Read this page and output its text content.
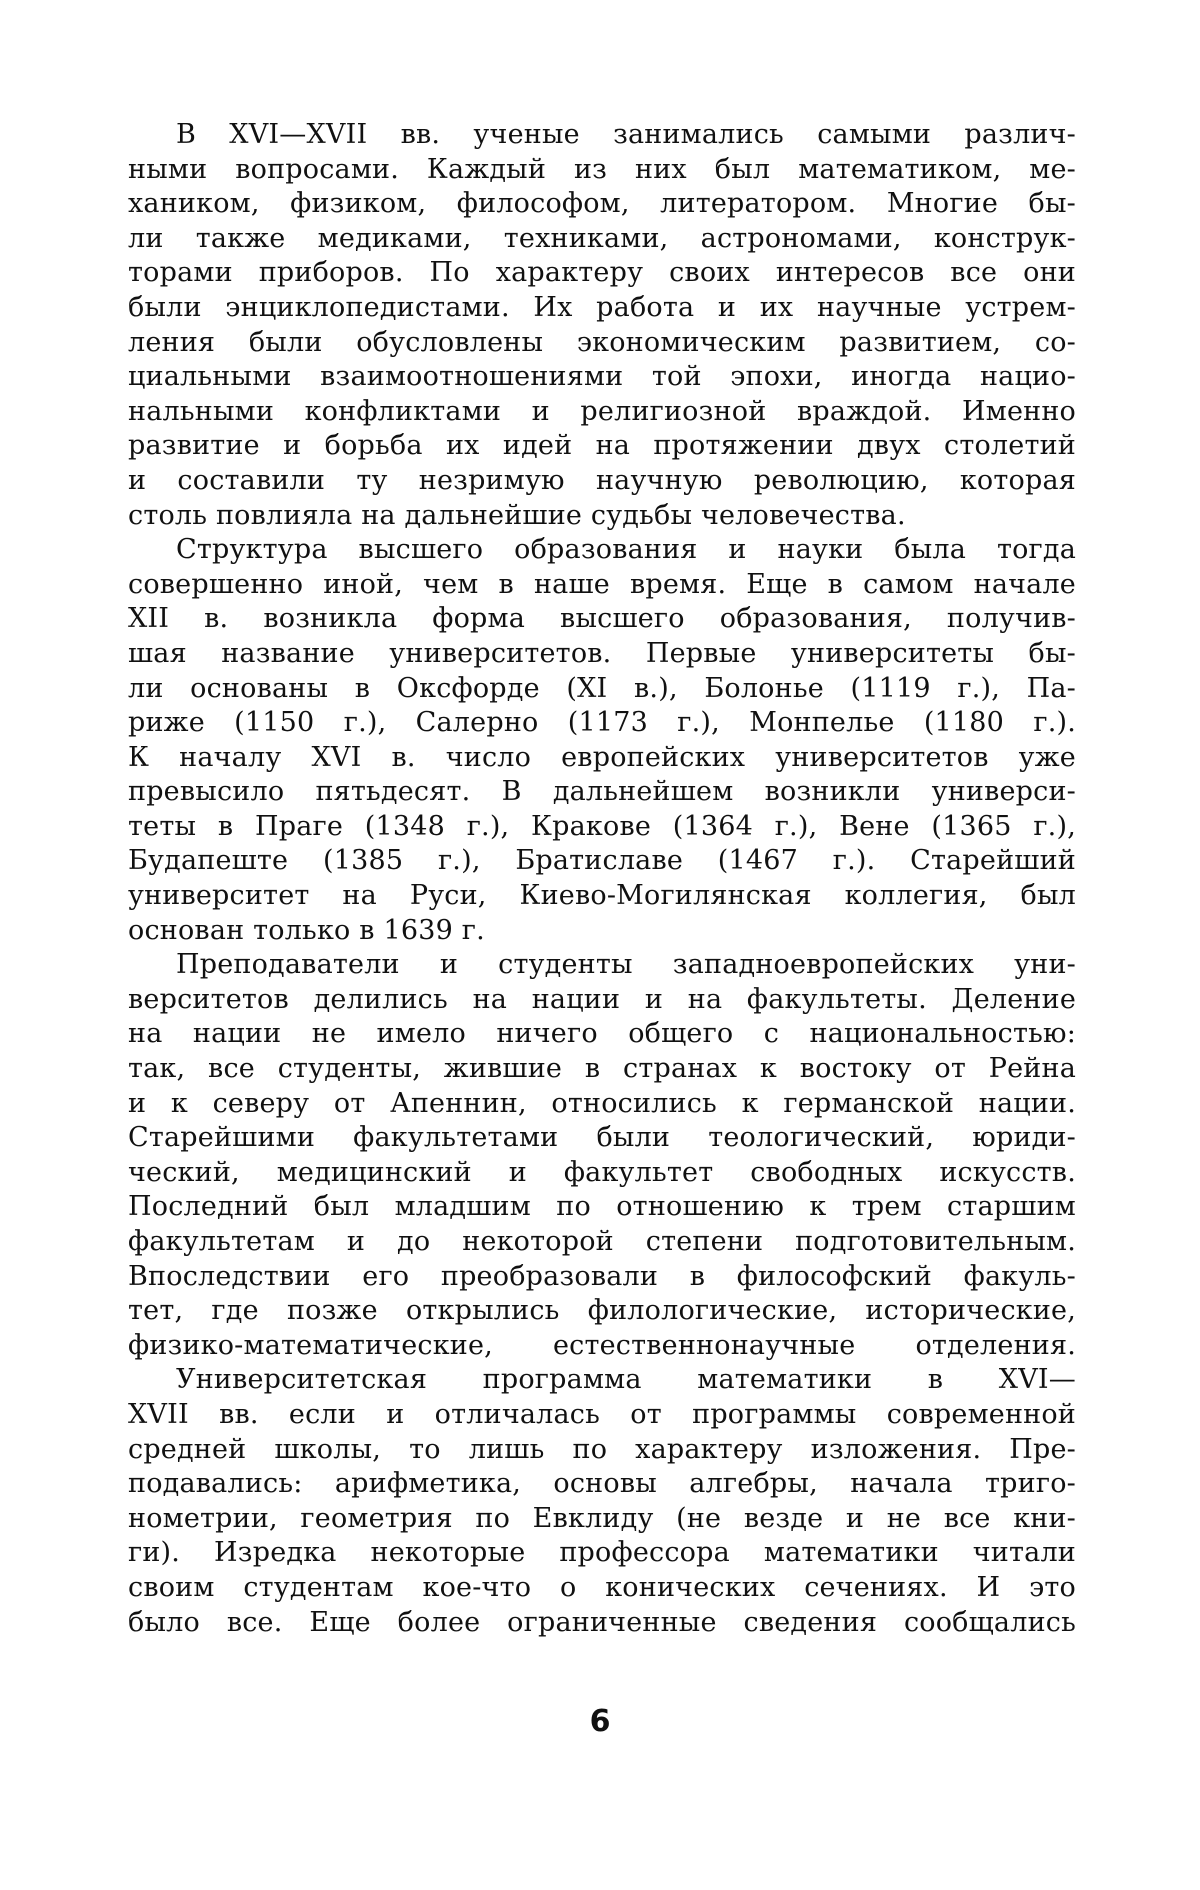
В XVI—XVII вв. ученые занимались самыми различ-
ными вопросами. Каждый из них был математиком, ме-
хаником, физиком, философом, литератором. Многие бы-
ли также медиками, техниками, астрономами, конструк-
торами приборов. По характеру своих интересов все они
были энциклопедистами. Их работа и их научные устрем-
ления были обусловлены экономическим развитием, со-
циальными взаимоотношениями той эпохи, иногда нацио-
нальными конфликтами и религиозной враждой. Именно
развитие и борьба их идей на протяжении двух столетий
и составили ту незримую научную революцию, которая
столь повлияла на дальнейшие судьбы человечества.
Структура высшего образования и науки была тогда
совершенно иной, чем в наше время. Еще в самом начале
XII в. возникла форма высшего образования, получив-
шая название университетов. Первые университеты бы-
ли основаны в Оксфорде (XI в.), Болонье (1119 г.), Па-
риже (1150 г.), Салерно (1173 г.), Монпелье (1180 г.).
К началу XVI в. число европейских университетов уже
превысило пятьдесят. В дальнейшем возникли универси-
теты в Праге (1348 г.), Кракове (1364 г.), Вене (1365 г.),
Будапеште (1385 г.), Братиславе (1467 г.). Старейший
университет на Руси, Киево-Могилянская коллегия, был
основан только в 1639 г.
Преподаватели и студенты западноевропейских уни-
верситетов делились на нации и на факультеты. Деление
на нации не имело ничего общего с национальностью:
так, все студенты, жившие в странах к востоку от Рейна
и к северу от Апеннин, относились к германской нации.
Старейшими факультетами были теологический, юриди-
ческий, медицинский и факультет свободных искусств.
Последний был младшим по отношению к трем старшим
факультетам и до некоторой степени подготовительным.
Впоследствии его преобразовали в философский факуль-
тет, где позже открылись филологические, исторические,
физико-математические, естественнонаучные отделения.
Университетская программа математики в XVI—
XVII вв. если и отличалась от программы современной
средней школы, то лишь по характеру изложения. Пре-
подавались: арифметика, основы алгебры, начала триго-
нометрии, геометрия по Евклиду (не везде и не все кни-
ги). Изредка некоторые профессора математики читали
своим студентам кое-что о конических сечениях. И это
было все. Еще более ограниченные сведения сообщались
6
